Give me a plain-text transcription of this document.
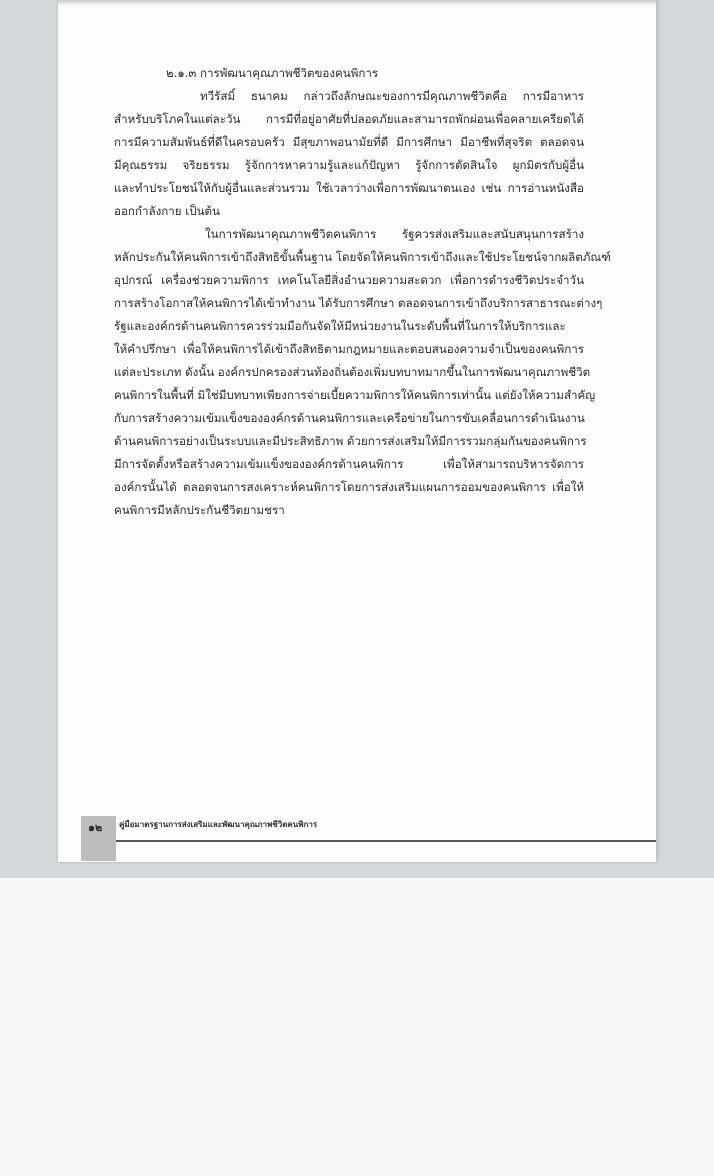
๒.๑.๓ การพัฒนาคุณภาพชีวิตของคนพิการ
ทวีรัสมิ์ ธนาคม กล่าวถึงลักษณะของการมีคุณภาพชีวิตคือ การมีอาหาร
สำหรับบริโภคในแต่ละวัน การมีที่อยู่อาศัยที่ปลอดภัยและสามารถพักผ่อนเพื่อคลายเครียดได้
การมีความสัมพันธ์ที่ดีในครอบครัว มีสุขภาพอนามัยที่ดี มีการศึกษา มีอาชีพที่สุจริต ตลอดจน
มีคุณธรรม จริยธรรม รู้จักการหาความรู้และแก้ปัญหา รู้จักการตัดสินใจ ผูกมิตรกับผู้อื่น
และทำประโยชน์ให้กับผู้อื่นและส่วนรวม ใช้เวลาว่างเพื่อการพัฒนาตนเอง เช่น การอ่านหนังสือ
ออกกำลังกาย เป็นต้น
ในการพัฒนาคุณภาพชีวิตคนพิการ รัฐควรส่งเสริมและสนับสนุนการสร้าง
หลักประกันให้คนพิการเข้าถึงสิทธิขั้นพื้นฐาน โดยจัดให้คนพิการเข้าถึงและใช้ประโยชน์จากผลิตภัณฑ์
อุปกรณ์ เครื่องช่วยความพิการ เทคโนโลยีสิ่งอำนวยความสะดวก เพื่อการดำรงชีวิตประจำวัน
การสร้างโอกาสให้คนพิการได้เข้าทำงาน ได้รับการศึกษา ตลอดจนการเข้าถึงบริการสาธารณะต่างๆ
รัฐและองค์กรด้านคนพิการควรร่วมมือกันจัดให้มีหน่วยงานในระดับพื้นที่ในการให้บริการและ
ให้คำปรึกษา เพื่อให้คนพิการได้เข้าถึงสิทธิตามกฎหมายและตอบสนองความจำเป็นของคนพิการ
แต่ละประเภท ดังนั้น องค์กรปกครองส่วนท้องถิ่นต้องเพิ่มบทบาทมากขึ้นในการพัฒนาคุณภาพชีวิต
คนพิการในพื้นที่ มิใช่มีบทบาทเพียงการจ่ายเบี้ยความพิการให้คนพิการเท่านั้น แต่ยังให้ความสำคัญ
กับการสร้างความเข้มแข็งขององค์กรด้านคนพิการและเครือข่ายในการขับเคลื่อนการดำเนินงาน
ด้านคนพิการอย่างเป็นระบบและมีประสิทธิภาพ ด้วยการส่งเสริมให้มีการรวมกลุ่มกันของคนพิการ
มีการจัดตั้งหรือสร้างความเข้มแข็งขององค์กรด้านคนพิการ เพื่อให้สามารถบริหารจัดการ
องค์กรนั้นได้ ตลอดจนการสงเคราะห์คนพิการโดยการส่งเสริมแผนการออมของคนพิการ เพื่อให้
คนพิการมีหลักประกันชีวิตยามชรา
๑๒ คู่มือมาตรฐานการส่งเสริมและพัฒนาคุณภาพชีวิตคนพิการ
